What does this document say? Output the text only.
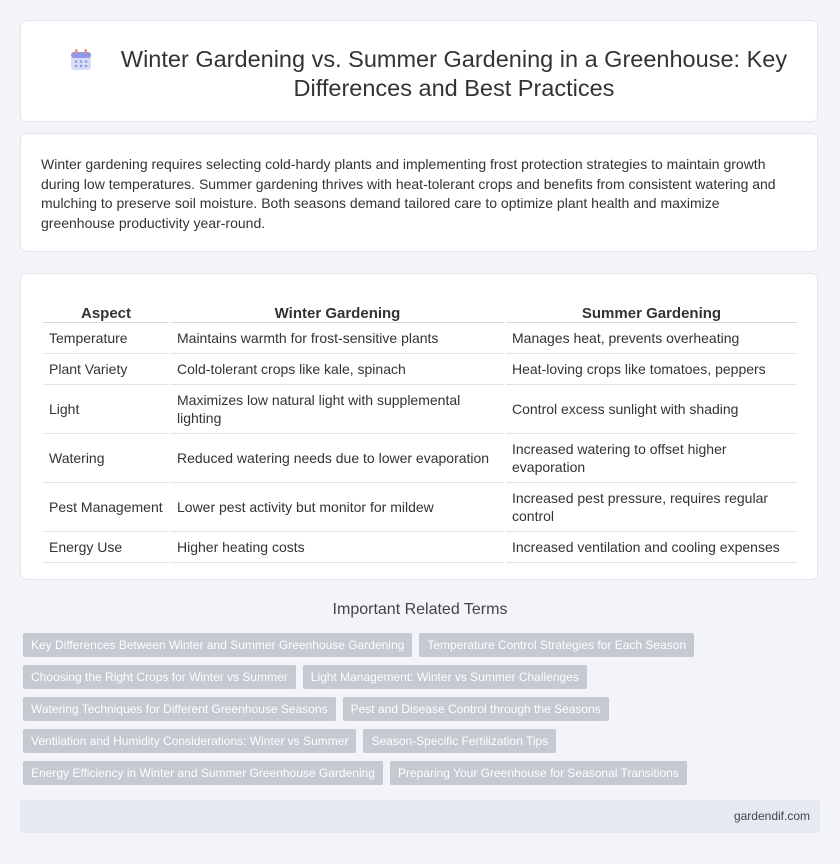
Winter Gardening vs. Summer Gardening in a Greenhouse: Key Differences and Best Practices
Winter gardening requires selecting cold-hardy plants and implementing frost protection strategies to maintain growth during low temperatures. Summer gardening thrives with heat-tolerant crops and benefits from consistent watering and mulching to preserve soil moisture. Both seasons demand tailored care to optimize plant health and maximize greenhouse productivity year-round.
Aspect	Winter Gardening	Summer Gardening
Temperature	Maintains warmth for frost-sensitive plants	Manages heat, prevents overheating
Plant Variety	Cold-tolerant crops like kale, spinach	Heat-loving crops like tomatoes, peppers
Light	Maximizes low natural light with supplemental lighting	Control excess sunlight with shading
Watering	Reduced watering needs due to lower evaporation	Increased watering to offset higher evaporation
Pest Management	Lower pest activity but monitor for mildew	Increased pest pressure, requires regular control
Energy Use	Higher heating costs	Increased ventilation and cooling expenses
Important Related Terms
Key Differences Between Winter and Summer Greenhouse Gardening	Temperature Control Strategies for Each Season
Choosing the Right Crops for Winter vs Summer	Light Management: Winter vs Summer Challenges
Watering Techniques for Different Greenhouse Seasons	Pest and Disease Control through the Seasons
Ventilation and Humidity Considerations: Winter vs Summer	Season-Specific Fertilization Tips
Energy Efficiency in Winter and Summer Greenhouse Gardening	Preparing Your Greenhouse for Seasonal Transitions
gardendif.com
